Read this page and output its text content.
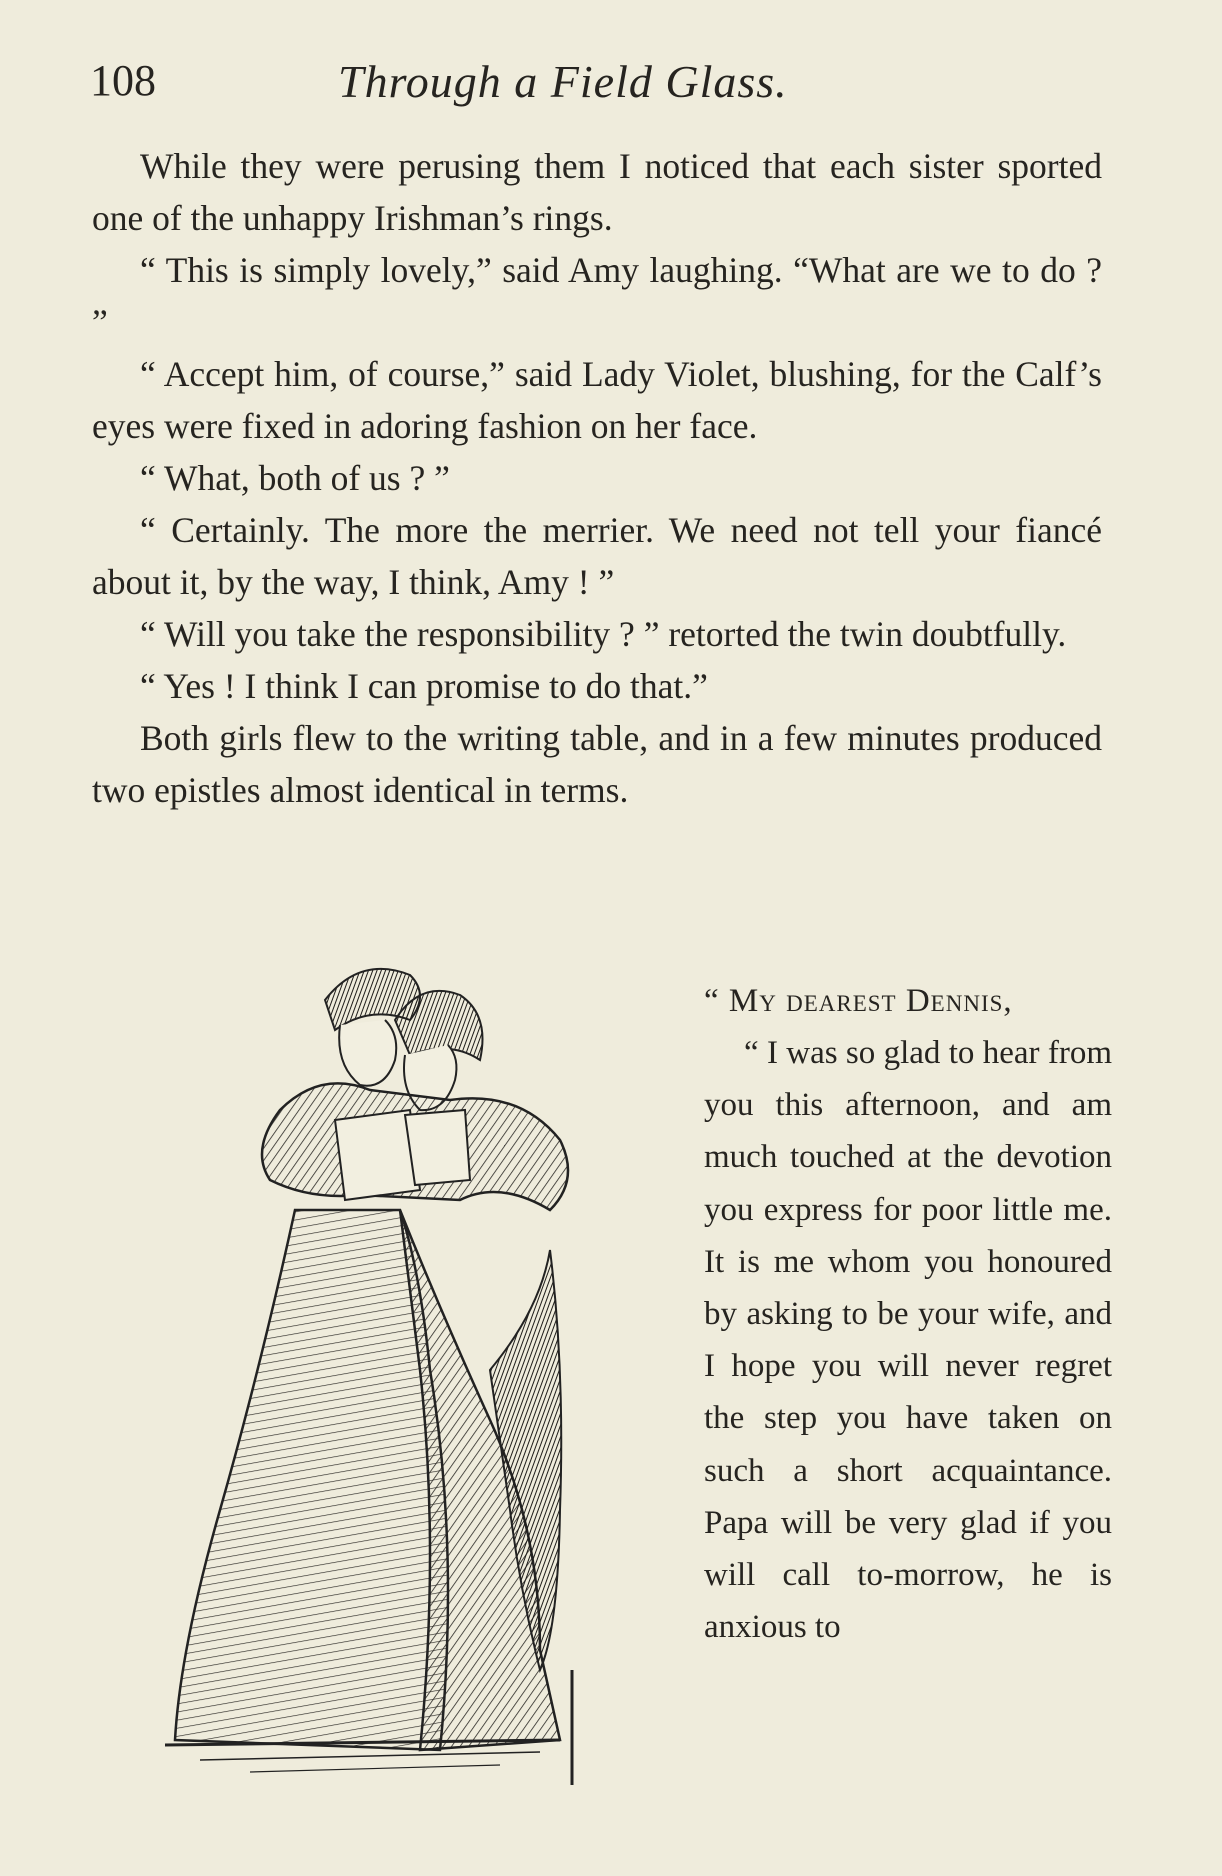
108	Through a Field Glass.

While they were perusing them I noticed that each sister sported one of the unhappy Irishman’s rings.

“ This is simply lovely,” said Amy laughing. “What are we to do ? ”

“ Accept him, of course,” said Lady Violet, blushing, for the Calf’s eyes were fixed in adoring fashion on her face.

“ What, both of us ? ”

“ Certainly. The more the merrier. We need not tell your fiancé about it, by the way, I think, Amy ! ”

“ Will you take the responsibility ? ” retorted the twin doubtfully.

“ Yes ! I think I can promise to do that.”

Both girls flew to the writing table, and in a few minutes produced two epistles almost identical in terms.

“ My dearest Dennis,

“ I was so glad to hear from you this afternoon, and am much touched at the devotion you express for poor little me. It is me whom you honoured by asking to be your wife, and I hope you will never regret the step you have taken on such a short acquaintance. Papa will be very glad if you will call to-morrow, he is anxious to
